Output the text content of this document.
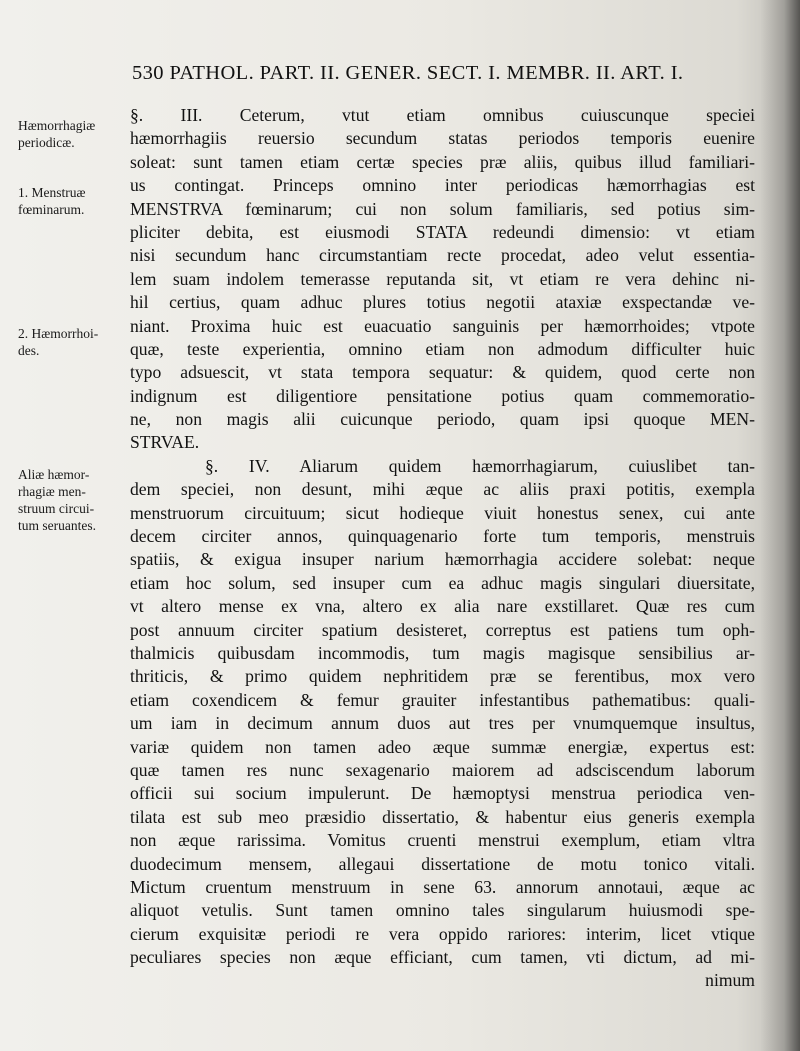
530 PATHOL. PART. II. GENER. SECT. I. MEMBR. II. ART. I.
Hæmorrhagiæ
periodicæ.
1. Menstruæ
fœminarum.
2. Hæmorrhoi-
des.
Aliæ hæmor-
rhagiæ men-
struum circui-
tum seruantes.
§. III. Ceterum, vtut etiam omnibus cuiuscunque speciei
hæmorrhagiis reuersio secundum statas periodos temporis euenire
soleat: sunt tamen etiam certæ species præ aliis, quibus illud familiari-
us contingat. Princeps omnino inter periodicas hæmorrhagias est
MENSTRVA fœminarum; cui non solum familiaris, sed potius sim-
pliciter debita, est eiusmodi STATA redeundi dimensio: vt etiam
nisi secundum hanc circumstantiam recte procedat, adeo velut essentia-
lem suam indolem temerasse reputanda sit, vt etiam re vera dehinc ni-
hil certius, quam adhuc plures totius negotii ataxiæ exspectandæ ve-
niant. Proxima huic est euacuatio sanguinis per hæmorrhoides; vtpote
quæ, teste experientia, omnino etiam non admodum difficulter huic
typo adsuescit, vt stata tempora sequatur: & quidem, quod certe non
indignum est diligentiore pensitatione potius quam commemoratio-
ne, non magis alii cuicunque periodo, quam ipsi quoque MEN-
STRVAE.
§. IV. Aliarum quidem hæmorrhagiarum, cuiuslibet tan-
dem speciei, non desunt, mihi æque ac aliis praxi potitis, exempla
menstruorum circuituum; sicut hodieque viuit honestus senex, cui ante
decem circiter annos, quinquagenario forte tum temporis, menstruis
spatiis, & exigua insuper narium hæmorrhagia accidere solebat: neque
etiam hoc solum, sed insuper cum ea adhuc magis singulari diuersitate,
vt altero mense ex vna, altero ex alia nare exstillaret. Quæ res cum
post annuum circiter spatium desisteret, correptus est patiens tum oph-
thalmicis quibusdam incommodis, tum magis magisque sensibilius ar-
thriticis, & primo quidem nephritidem præ se ferentibus, mox vero
etiam coxendicem & femur grauiter infestantibus pathematibus: quali-
um iam in decimum annum duos aut tres per vnumquemque insultus,
variæ quidem non tamen adeo æque summæ energiæ, expertus est:
quæ tamen res nunc sexagenario maiorem ad adsciscendum laborum
officii sui socium impulerunt. De hæmoptysi menstrua periodica ven-
tilata est sub meo præsidio dissertatio, & habentur eius generis exempla
non æque rarissima. Vomitus cruenti menstrui exemplum, etiam vltra
duodecimum mensem, allegaui dissertatione de motu tonico vitali.
Mictum cruentum menstruum in sene 63. annorum annotaui, æque ac
aliquot vetulis. Sunt tamen omnino tales singularum huiusmodi spe-
cierum exquisitæ periodi re vera oppido rariores: interim, licet vtique
peculiares species non æque efficiant, cum tamen, vti dictum, ad mi-
nimum
